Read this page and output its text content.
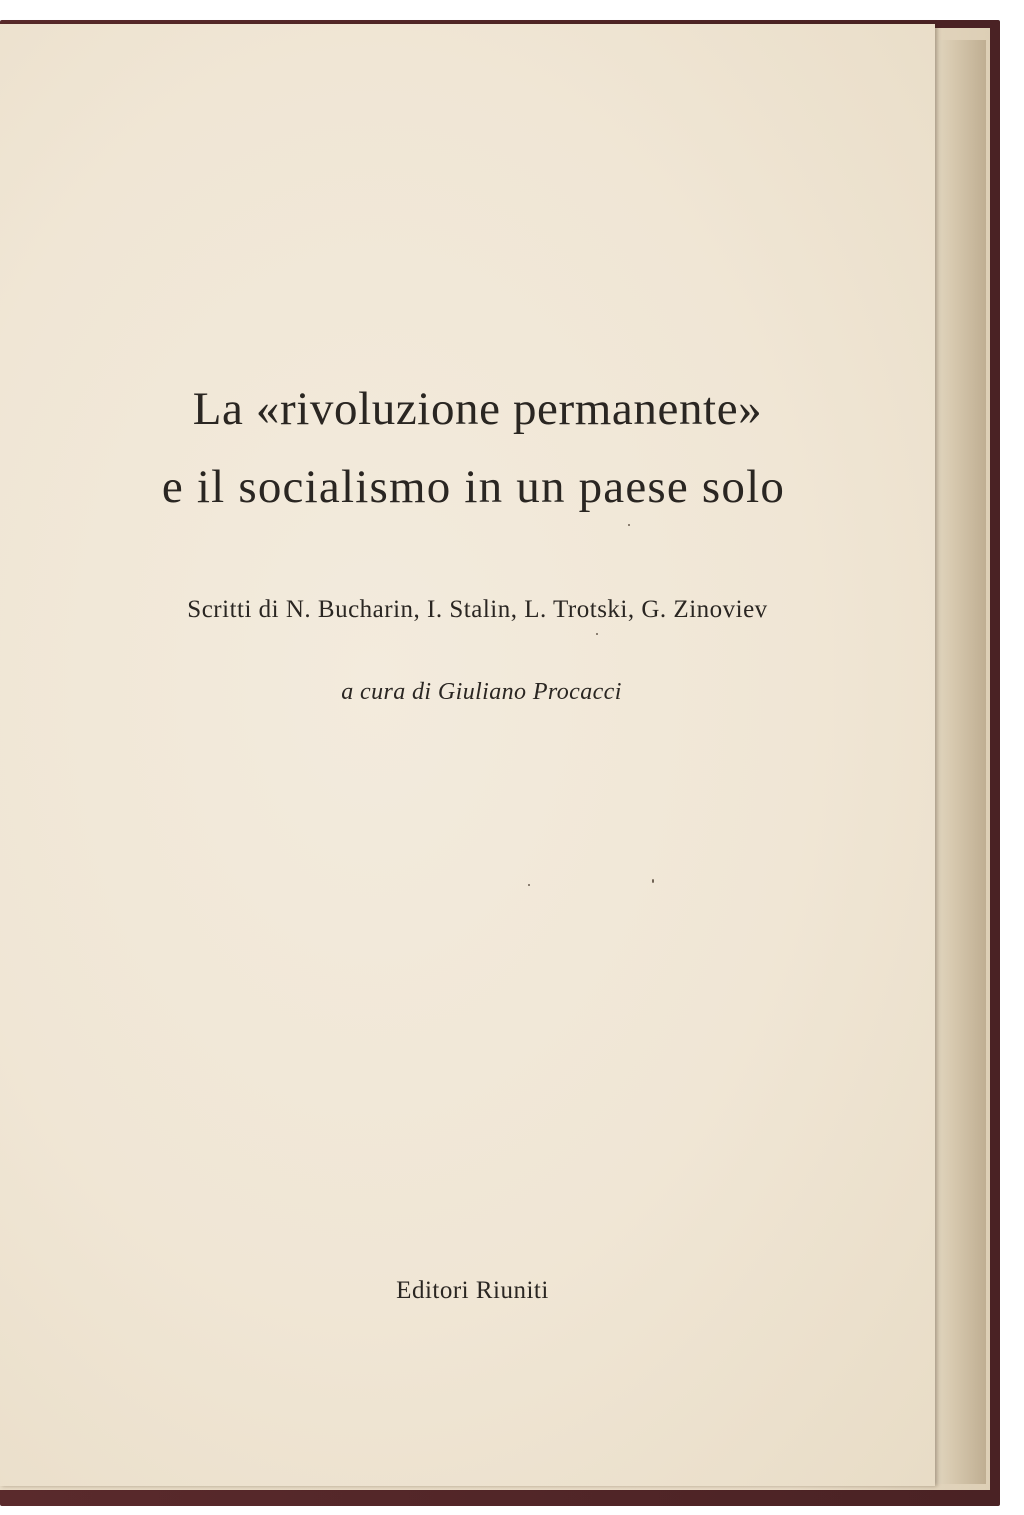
La «rivoluzione permanente»
e il socialismo in un paese solo
Scritti di N. Bucharin, I. Stalin, L. Trotski, G. Zinoviev
a cura di Giuliano Procacci
Editori Riuniti
